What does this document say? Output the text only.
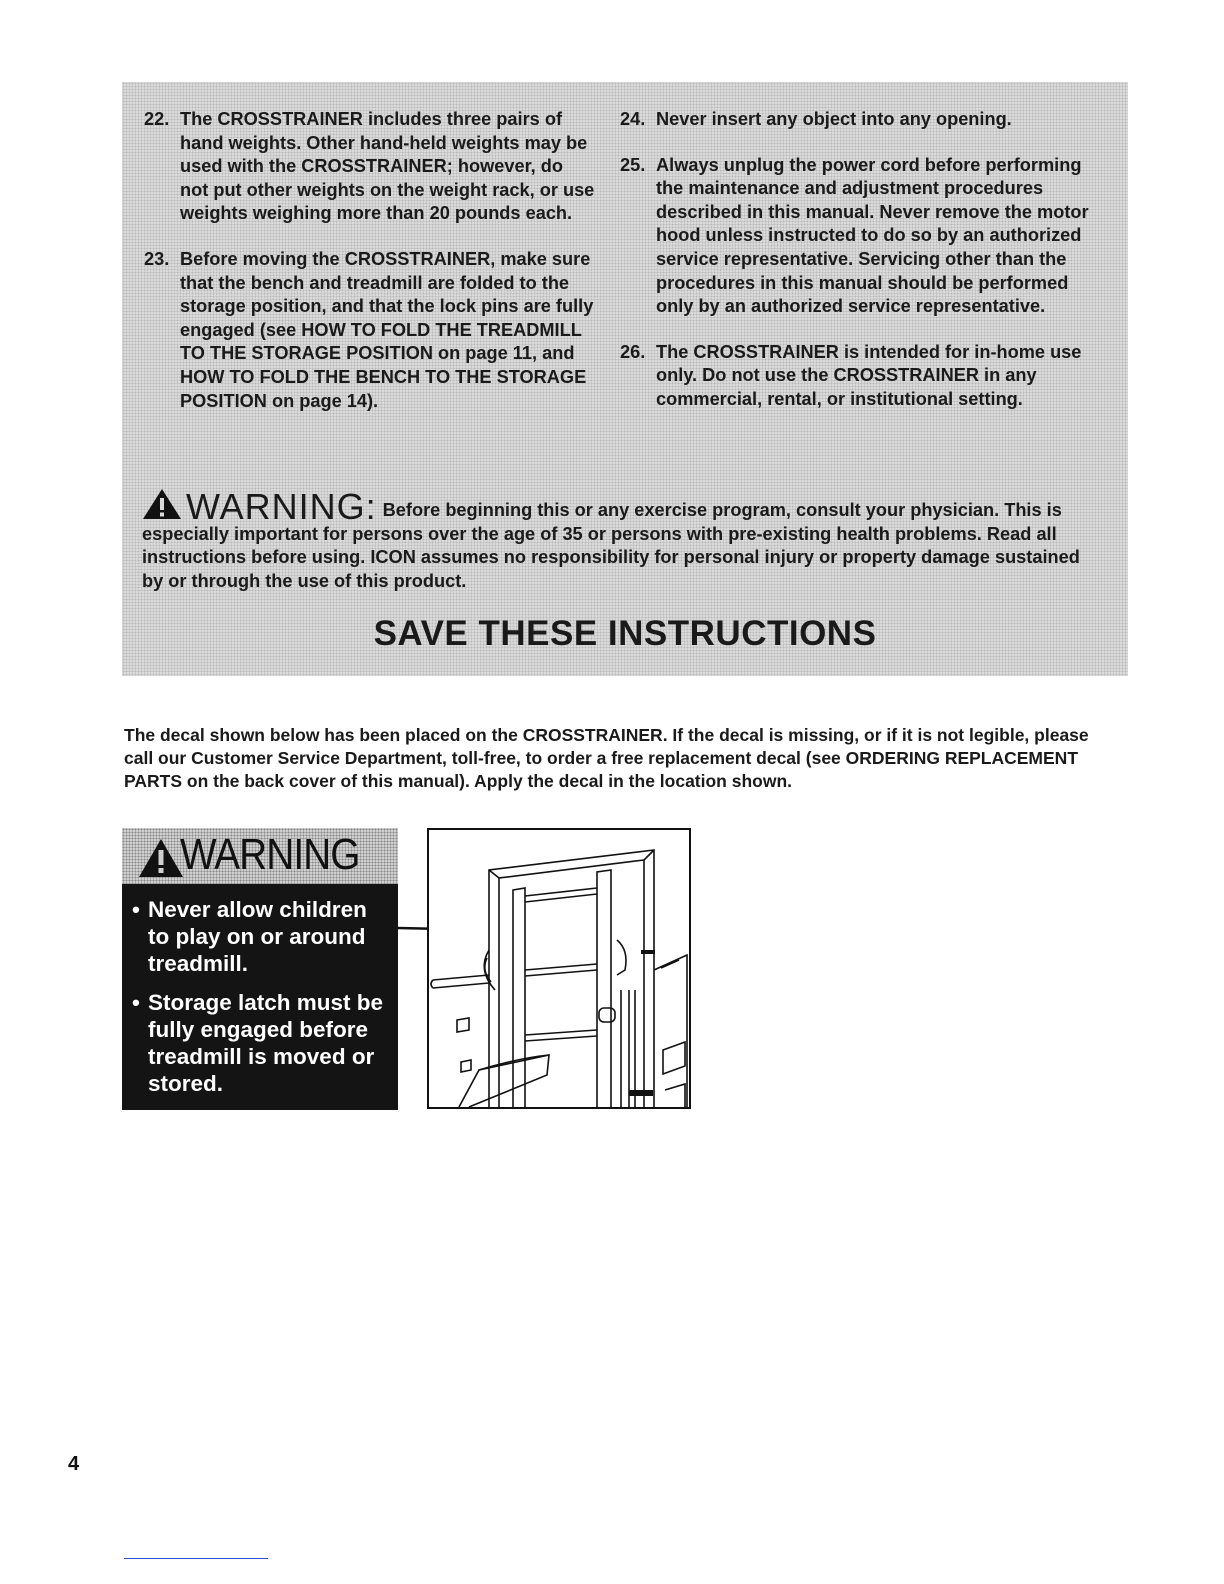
22. The CROSSTRAINER includes three pairs of hand weights. Other hand-held weights may be used with the CROSSTRAINER; however, do not put other weights on the weight rack, or use weights weighing more than 20 pounds each.
23. Before moving the CROSSTRAINER, make sure that the bench and treadmill are folded to the storage position, and that the lock pins are fully engaged (see HOW TO FOLD THE TREADMILL TO THE STORAGE POSITION on page 11, and HOW TO FOLD THE BENCH TO THE STORAGE POSITION on page 14).
24. Never insert any object into any opening.
25. Always unplug the power cord before performing the maintenance and adjustment procedures described in this manual. Never remove the motor hood unless instructed to do so by an authorized service representative. Servicing other than the procedures in this manual should be performed only by an authorized service representative.
26. The CROSSTRAINER is intended for in-home use only. Do not use the CROSSTRAINER in any commercial, rental, or institutional setting.
WARNING: Before beginning this or any exercise program, consult your physician. This is especially important for persons over the age of 35 or persons with pre-existing health problems. Read all instructions before using. ICON assumes no responsibility for personal injury or property damage sustained by or through the use of this product.
SAVE THESE INSTRUCTIONS

The decal shown below has been placed on the CROSSTRAINER. If the decal is missing, or if it is not legible, please call our Customer Service Department, toll-free, to order a free replacement decal (see ORDERING REPLACEMENT PARTS on the back cover of this manual). Apply the decal in the location shown.

WARNING
• Never allow children to play on or around treadmill.
• Storage latch must be fully engaged before treadmill is moved or stored.
4
